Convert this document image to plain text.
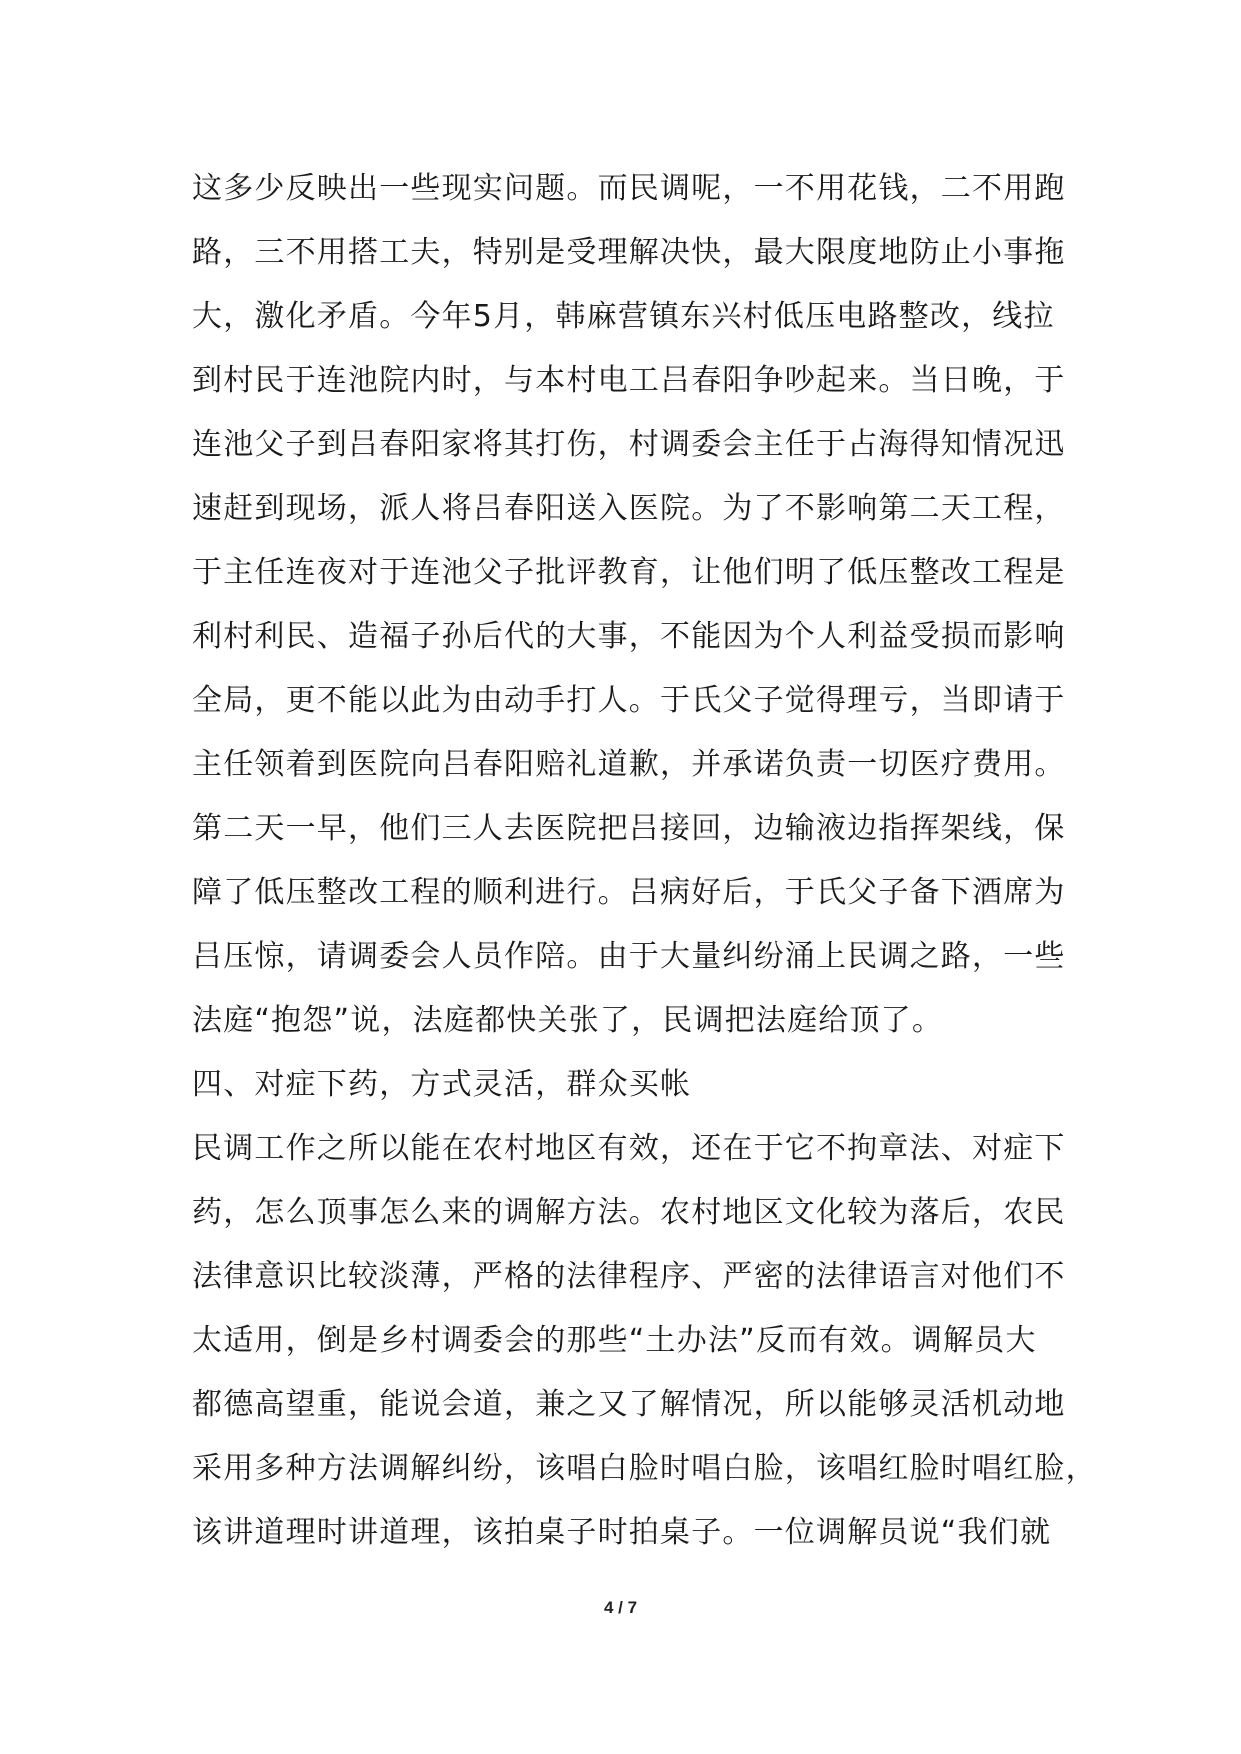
这多少反映出一些现实问题。而民调呢，一不用花钱，二不用跑
路，三不用搭工夫，特别是受理解决快，最大限度地防止小事拖
大，激化矛盾。今年5月，韩麻营镇东兴村低压电路整改，线拉
到村民于连池院内时，与本村电工吕春阳争吵起来。当日晚，于
连池父子到吕春阳家将其打伤，村调委会主任于占海得知情况迅
速赶到现场，派人将吕春阳送入医院。为了不影响第二天工程，
于主任连夜对于连池父子批评教育，让他们明了低压整改工程是
利村利民、造福子孙后代的大事，不能因为个人利益受损而影响
全局，更不能以此为由动手打人。于氏父子觉得理亏，当即请于
主任领着到医院向吕春阳赔礼道歉，并承诺负责一切医疗费用。
第二天一早，他们三人去医院把吕接回，边输液边指挥架线，保
障了低压整改工程的顺利进行。吕病好后，于氏父子备下酒席为
吕压惊，请调委会人员作陪。由于大量纠纷涌上民调之路，一些
法庭“抱怨”说，法庭都快关张了，民调把法庭给顶了。
四、对症下药，方式灵活，群众买帐
民调工作之所以能在农村地区有效，还在于它不拘章法、对症下
药，怎么顶事怎么来的调解方法。农村地区文化较为落后，农民
法律意识比较淡薄，严格的法律程序、严密的法律语言对他们不
太适用，倒是乡村调委会的那些“土办法”反而有效。调解员大
都德高望重，能说会道，兼之又了解情况，所以能够灵活机动地
采用多种方法调解纠纷，该唱白脸时唱白脸，该唱红脸时唱红脸，
该讲道理时讲道理，该拍桌子时拍桌子。一位调解员说“我们就
4 / 7
